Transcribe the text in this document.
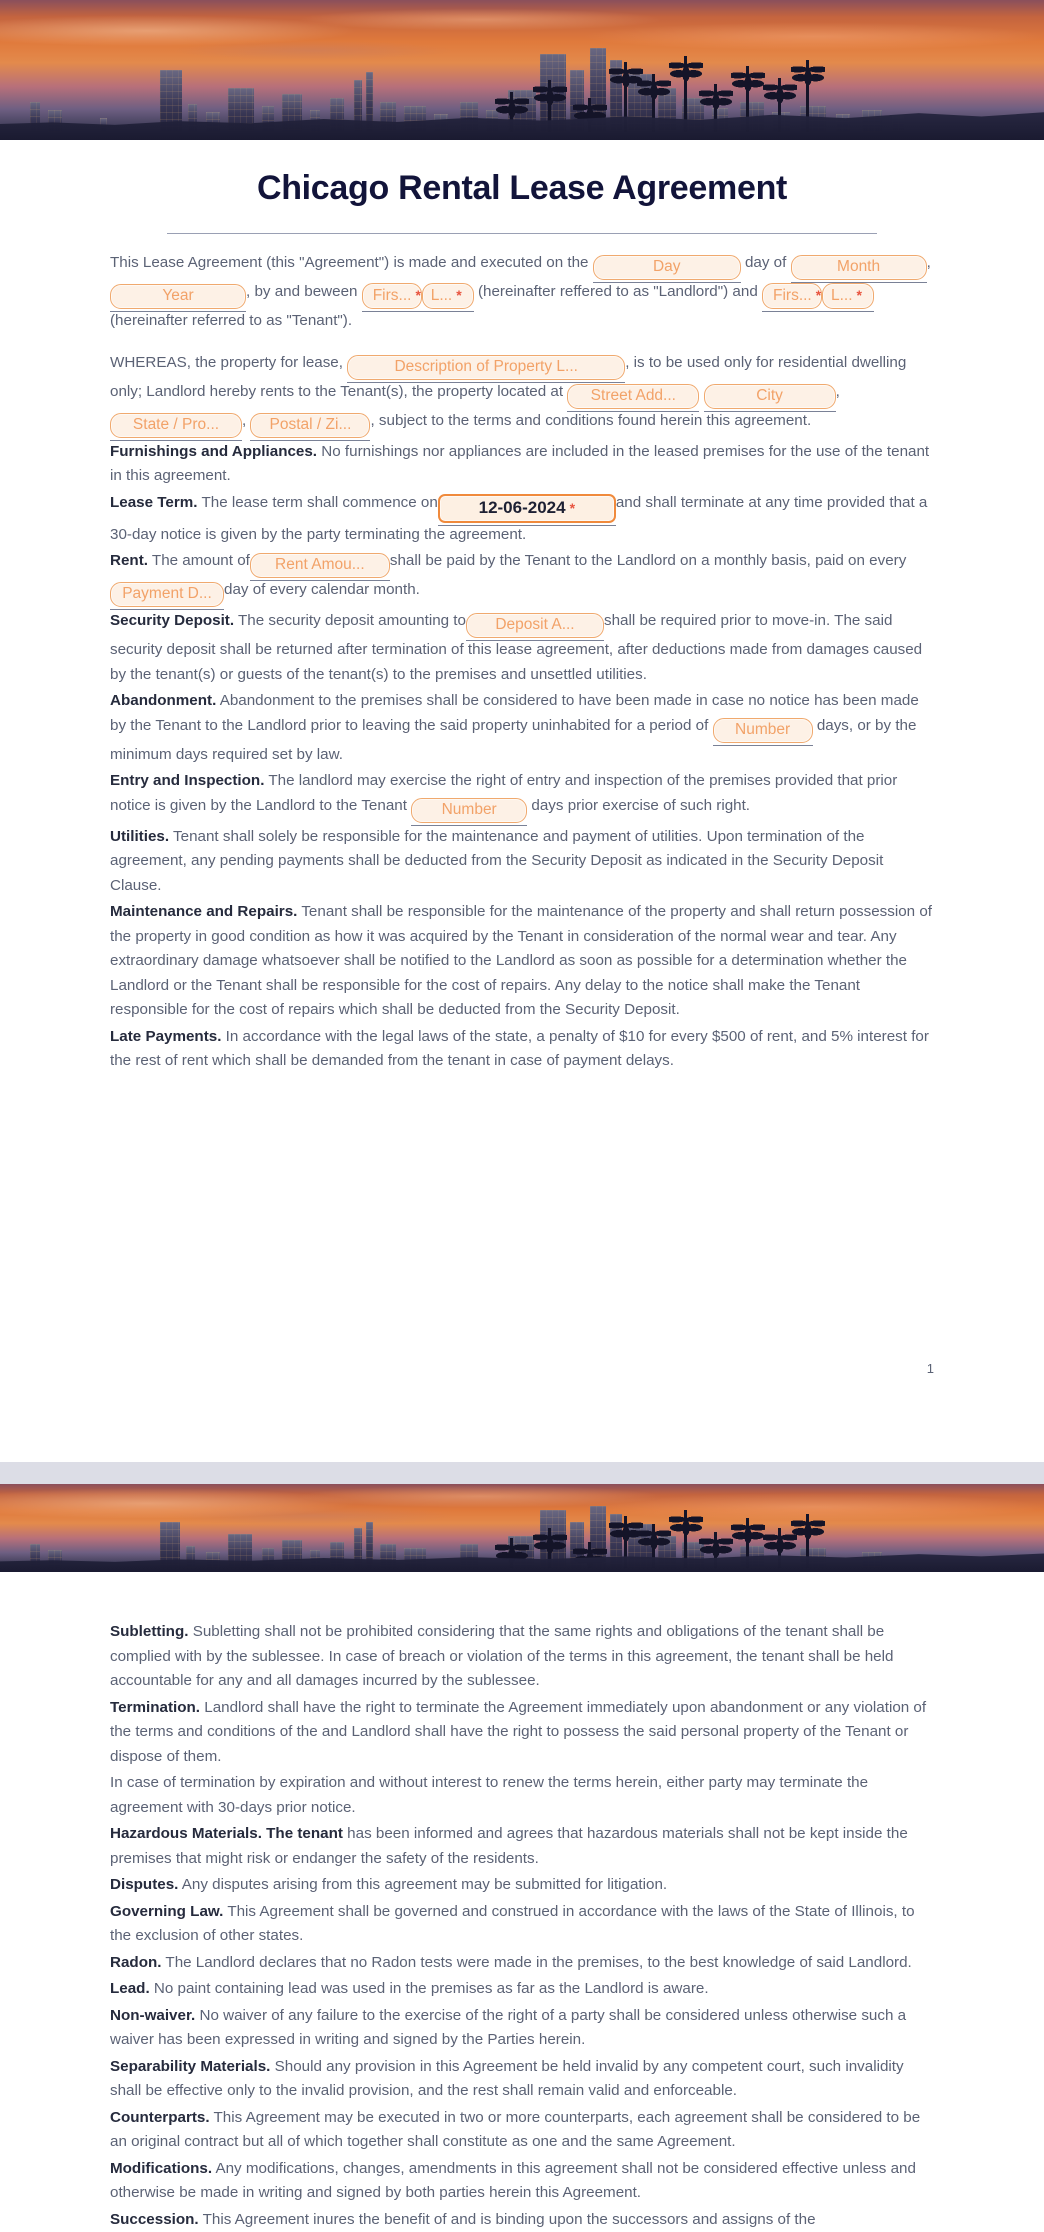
Chicago Rental Lease Agreement

This Lease Agreement (this "Agreement") is made and executed on the	Day	day of	Month	, Year	, by and beween Firs... * L... * (hereinafter reffered to as "Landlord") and Firs... * L... *(hereinafter referred to as "Tenant").

WHEREAS, the property for lease,	Description of Property L...	, is to be used only for residential dwelling only; Landlord hereby rents to the Tenant(s), the property located at Street Add...	City	, State / Pro... , Postal / Zi... , subject to the terms and conditions found herein this agreement.

Furnishings and Appliances. No furnishings nor appliances are included in the leased premises for the use of the tenant in this agreement.

Lease Term. The lease term shall commence on 12-06-2024 *	and shall terminate at any time provided that a 30-day notice is given by the party terminating the agreement.

Rent. The amount of Rent Amou... shall be paid by the Tenant to the Landlord on a monthly basis, paid on every Payment D... day of every calendar month.

Security Deposit. The security deposit amounting to Deposit A... shall be required prior to move-in. The said security deposit shall be returned after termination of this lease agreement, after deductions made from damages caused by the tenant(s) or guests of the tenant(s) to the premises and unsettled utilities.

Abandonment. Abandonment to the premises shall be considered to have been made in case no notice has been made by the Tenant to the Landlord prior to leaving the said property uninhabited for a period of Number days, or by the minimum days required set by law.

Entry and Inspection. The landlord may exercise the right of entry and inspection of the premises provided that prior notice is given by the Landlord to the Tenant Number days prior exercise of such right.

Utilities. Tenant shall solely be responsible for the maintenance and payment of utilities. Upon termination of the agreement, any pending payments shall be deducted from the Security Deposit as indicated in the Security Deposit Clause.

Maintenance and Repairs. Tenant shall be responsible for the maintenance of the property and shall return possession of the property in good condition as how it was acquired by the Tenant in consideration of the normal wear and tear. Any extraordinary damage whatsoever shall be notified to the Landlord as soon as possible for a determination whether the Landlord or the Tenant shall be responsible for the cost of repairs. Any delay to the notice shall make the Tenant responsible for the cost of repairs which shall be deducted from the Security Deposit.

Late Payments. In accordance with the legal laws of the state, a penalty of $10 for every $500 of rent, and 5% interest for the rest of rent which shall be demanded from the tenant in case of payment delays.

1

Subletting. Subletting shall not be prohibited considering that the same rights and obligations of the tenant shall be complied with by the sublessee. In case of breach or violation of the terms in this agreement, the tenant shall be held accountable for any and all damages incurred by the sublessee.

Termination. Landlord shall have the right to terminate the Agreement immediately upon abandonment or any violation of the terms and conditions of the and Landlord shall have the right to possess the said personal property of the Tenant or dispose of them.

In case of termination by expiration and without interest to renew the terms herein, either party may terminate the agreement with 30-days prior notice.

Hazardous Materials. The tenant has been informed and agrees that hazardous materials shall not be kept inside the premises that might risk or endanger the safety of the residents.

Disputes. Any disputes arising from this agreement may be submitted for litigation.

Governing Law. This Agreement shall be governed and construed in accordance with the laws of the State of Illinois, to the exclusion of other states.

Radon. The Landlord declares that no Radon tests were made in the premises, to the best knowledge of said Landlord.

Lead. No paint containing lead was used in the premises as far as the Landlord is aware.

Non-waiver. No waiver of any failure to the exercise of the right of a party shall be considered unless otherwise such a waiver has been expressed in writing and signed by the Parties herein.

Separability Materials. Should any provision in this Agreement be held invalid by any competent court, such invalidity shall be effective only to the invalid provision, and the rest shall remain valid and enforceable.

Counterparts. This Agreement may be executed in two or more counterparts, each agreement shall be considered to be an original contract but all of which together shall constitute as one and the same Agreement.

Modifications. Any modifications, changes, amendments in this agreement shall not be considered effective unless and otherwise be made in writing and signed by both parties herein this Agreement.

Succession. This Agreement inures the benefit of and is binding upon the successors and assigns of the
